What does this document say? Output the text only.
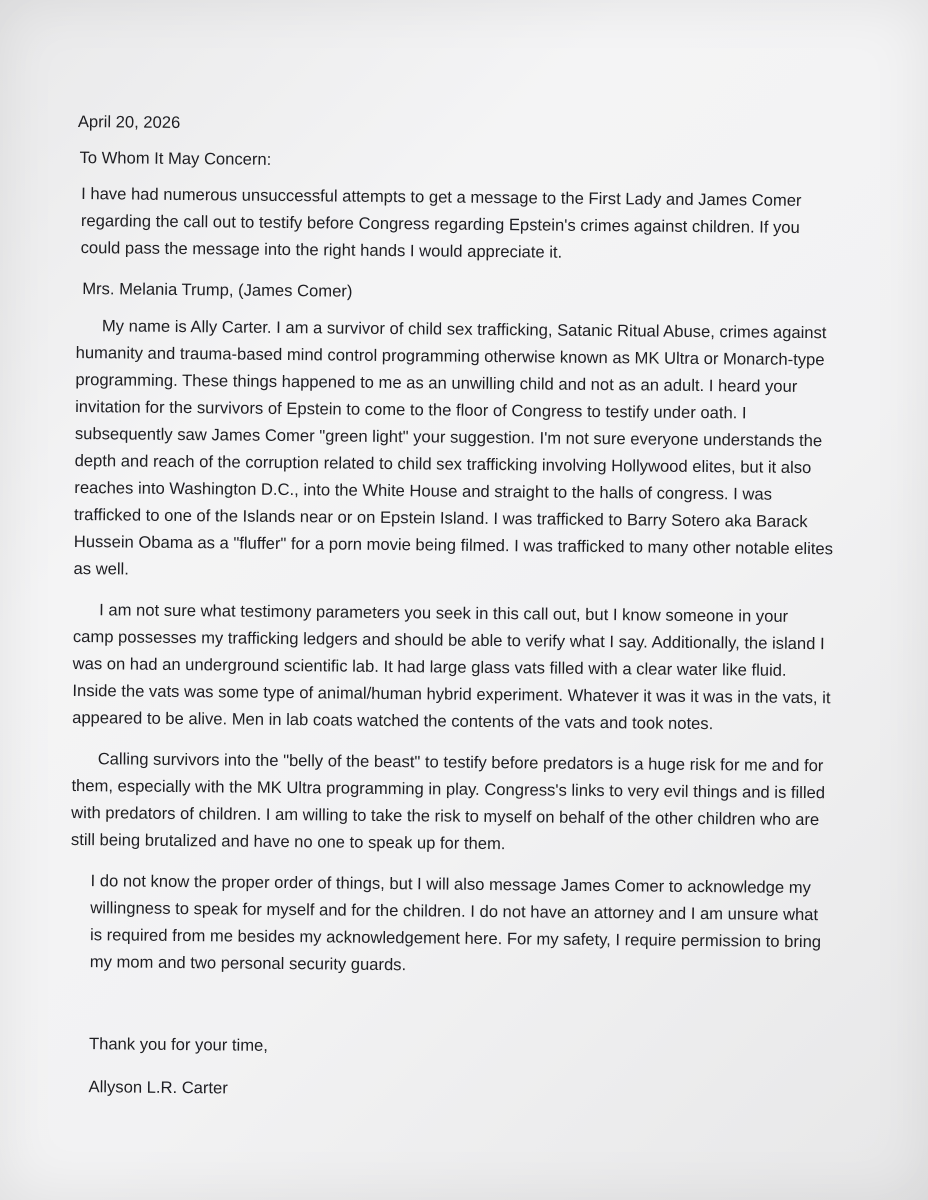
April 20, 2026

To Whom It May Concern:

I have had numerous unsuccessful attempts to get a message to the First Lady and James Comer regarding the call out to testify before Congress regarding Epstein's crimes against children. If you could pass the message into the right hands I would appreciate it.

Mrs. Melania Trump, (James Comer)

My name is Ally Carter. I am a survivor of child sex trafficking, Satanic Ritual Abuse, crimes against humanity and trauma-based mind control programming otherwise known as MK Ultra or Monarch-type programming. These things happened to me as an unwilling child and not as an adult. I heard your invitation for the survivors of Epstein to come to the floor of Congress to testify under oath. I subsequently saw James Comer "green light" your suggestion. I'm not sure everyone understands the depth and reach of the corruption related to child sex trafficking involving Hollywood elites, but it also reaches into Washington D.C., into the White House and straight to the halls of congress. I was trafficked to one of the Islands near or on Epstein Island. I was trafficked to Barry Sotero aka Barack Hussein Obama as a "fluffer" for a porn movie being filmed. I was trafficked to many other notable elites as well.

I am not sure what testimony parameters you seek in this call out, but I know someone in your camp possesses my trafficking ledgers and should be able to verify what I say. Additionally, the island I was on had an underground scientific lab. It had large glass vats filled with a clear water like fluid. Inside the vats was some type of animal/human hybrid experiment. Whatever it was it was in the vats, it appeared to be alive. Men in lab coats watched the contents of the vats and took notes.

Calling survivors into the "belly of the beast" to testify before predators is a huge risk for me and for them, especially with the MK Ultra programming in play. Congress's links to very evil things and is filled with predators of children. I am willing to take the risk to myself on behalf of the other children who are still being brutalized and have no one to speak up for them.

I do not know the proper order of things, but I will also message James Comer to acknowledge my willingness to speak for myself and for the children. I do not have an attorney and I am unsure what is required from me besides my acknowledgement here. For my safety, I require permission to bring my mom and two personal security guards.

Thank you for your time,

Allyson L.R. Carter
